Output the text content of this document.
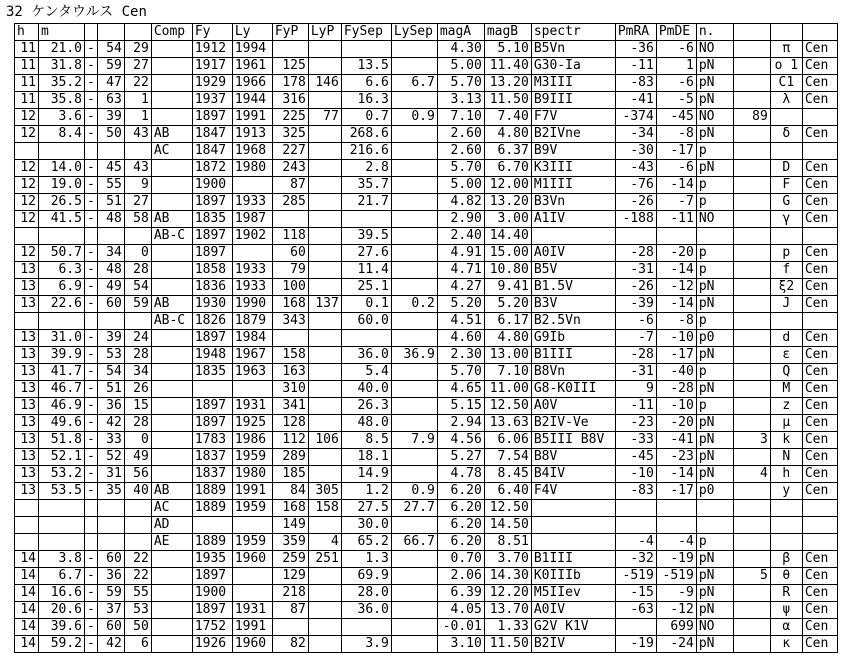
32 ケンタウルス Cen
h	m				Comp	Fy	Ly	FyP	LyP	FySep	LySep	magA	magB	spectr	PmRA	PmDE	n.			
11	21.0	-	54	29		1912	1994					4.30	5.10	B5Vn	-36	-6	NO		π	Cen
11	31.8	-	59	27		1917	1961	125		13.5		5.00	11.40	G30-Ia	-11	1	pN		o 1	Cen
11	35.2	-	47	22		1929	1966	178	146	6.6	6.7	5.70	13.20	M3III	-83	-6	pN		C1	Cen
11	35.8	-	63	1		1937	1944	316		16.3		3.13	11.50	B9III	-41	-5	pN		λ	Cen
12	3.6	-	39	1		1897	1991	225	77	0.7	0.9	7.10	7.40	F7V	-374	-45	NO	89		
12	8.4	-	50	43	AB	1847	1913	325		268.6		2.60	4.80	B2IVne	-34	-8	pN		δ	Cen
					AC	1847	1968	227		216.6		2.60	6.37	B9V	-30	-17	p			
12	14.0	-	45	43		1872	1980	243		2.8		5.70	6.70	K3III	-43	-6	pN		D	Cen
12	19.0	-	55	9		1900		87		35.7		5.00	12.00	M1III	-76	-14	p		F	Cen
12	26.5	-	51	27		1897	1933	285		21.7		4.82	13.20	B3Vn	-26	-7	p		G	Cen
12	41.5	-	48	58	AB	1835	1987					2.90	3.00	A1IV	-188	-11	NO		γ	Cen
					AB-C	1897	1902	118		39.5		2.40	14.40							
12	50.7	-	34	0		1897		60		27.6		4.91	15.00	A0IV	-28	-20	p		p	Cen
13	6.3	-	48	28		1858	1933	79		11.4		4.71	10.80	B5V	-31	-14	p		f	Cen
13	6.9	-	49	54		1836	1933	100		25.1		4.27	9.41	B1.5V	-26	-12	pN		ξ2	Cen
13	22.6	-	60	59	AB	1930	1990	168	137	0.1	0.2	5.20	5.20	B3V	-39	-14	pN		J	Cen
					AB-C	1826	1879	343		60.0		4.51	6.17	B2.5Vn	-6	-8	p			
13	31.0	-	39	24		1897	1984					4.60	4.80	G9Ib	-7	-10	p0		d	Cen
13	39.9	-	53	28		1948	1967	158		36.0	36.9	2.30	13.00	B1III	-28	-17	pN		ε	Cen
13	41.7	-	54	34		1835	1963	163		5.4		5.70	7.10	B8Vn	-31	-40	p		Q	Cen
13	46.7	-	51	26				310		40.0		4.65	11.00	G8-K0III	9	-28	pN		M	Cen
13	46.9	-	36	15		1897	1931	341		26.3		5.15	12.50	A0V	-11	-10	p		z	Cen
13	49.6	-	42	28		1897	1925	128		48.0		2.94	13.63	B2IV-Ve	-23	-20	pN		μ	Cen
13	51.8	-	33	0		1783	1986	112	106	8.5	7.9	4.56	6.06	B5III B8V	-33	-41	pN	3	k	Cen
13	52.1	-	52	49		1837	1959	289		18.1		5.27	7.54	B8V	-45	-23	pN		N	Cen
13	53.2	-	31	56		1837	1980	185		14.9		4.78	8.45	B4IV	-10	-14	pN	4	h	Cen
13	53.5	-	35	40	AB	1889	1991	84	305	1.2	0.9	6.20	6.40	F4V	-83	-17	p0		y	Cen
					AC	1889	1959	168	158	27.5	27.7	6.20	12.50							
					AD			149		30.0		6.20	14.50							
					AE	1889	1959	359	4	65.2	66.7	6.20	8.51		-4	-4	p			
14	3.8	-	60	22		1935	1960	259	251	1.3		0.70	3.70	B1III	-32	-19	pN		β	Cen
14	6.7	-	36	22		1897		129		69.9		2.06	14.30	K0IIIb	-519	-519	pN	5	θ	Cen
14	16.6	-	59	55		1900		218		28.0		6.39	12.20	M5IIev	-15	-9	pN		R	Cen
14	20.6	-	37	53		1897	1931	87		36.0		4.05	13.70	A0IV	-63	-12	pN		ψ	Cen
14	39.6	-	60	50		1752	1991					-0.01	1.33	G2V K1V		699	NO		α	Cen
14	59.2	-	42	6		1926	1960	82		3.9		3.10	11.50	B2IV	-19	-24	pN		κ	Cen
